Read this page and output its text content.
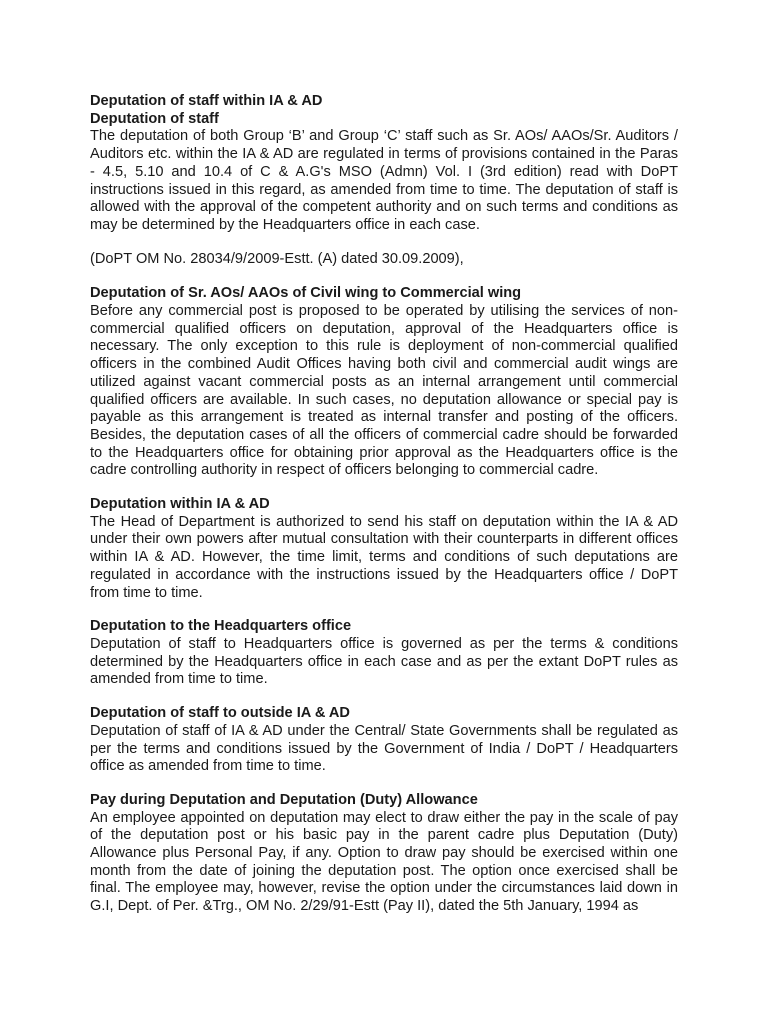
Deputation of staff within IA & AD

Deputation of staff

The deputation of both Group ‘B’ and Group ‘C’ staff such as Sr. AOs/ AAOs/Sr. Auditors / Auditors etc. within the IA & AD are regulated in terms of provisions contained in the Paras - 4.5, 5.10 and 10.4 of C & A.G's MSO (Admn) Vol. I (3rd edition) read with DoPT instructions issued in this regard, as amended from time to time. The deputation of staff is allowed with the approval of the competent authority and on such terms and conditions as may be determined by the Headquarters office in each case.

(DoPT OM No. 28034/9/2009-Estt. (A) dated 30.09.2009),

Deputation of Sr. AOs/ AAOs of Civil wing to Commercial wing

Before any commercial post is proposed to be operated by utilising the services of non-commercial qualified officers on deputation, approval of the Headquarters office is necessary. The only exception to this rule is deployment of non-commercial qualified officers in the combined Audit Offices having both civil and commercial audit wings are utilized against vacant commercial posts as an internal arrangement until commercial qualified officers are available. In such cases, no deputation allowance or special pay is payable as this arrangement is treated as internal transfer and posting of the officers. Besides, the deputation cases of all the officers of commercial cadre should be forwarded to the Headquarters office for obtaining prior approval as the Headquarters office is the cadre controlling authority in respect of officers belonging to commercial cadre.

Deputation within IA & AD

The Head of Department is authorized to send his staff on deputation within the IA & AD under their own powers after mutual consultation with their counterparts in different offices within IA & AD. However, the time limit, terms and conditions of such deputations are regulated in accordance with the instructions issued by the Headquarters office / DoPT from time to time.

Deputation to the Headquarters office

Deputation of staff to Headquarters office is governed as per the terms & conditions determined by the Headquarters office in each case and as per the extant DoPT rules as amended from time to time.

Deputation of staff to outside IA & AD

Deputation of staff of IA & AD under the Central/ State Governments shall be regulated as per the terms and conditions issued by the Government of India / DoPT / Headquarters office as amended from time to time.

Pay during Deputation and Deputation (Duty) Allowance

An employee appointed on deputation may elect to draw either the pay in the scale of pay of the deputation post or his basic pay in the parent cadre plus Deputation (Duty) Allowance plus Personal Pay, if any. Option to draw pay should be exercised within one month from the date of joining the deputation post. The option once exercised shall be final. The employee may, however, revise the option under the circumstances laid down in G.I, Dept. of Per. &Trg., OM No. 2/29/91-Estt (Pay II), dated the 5th January, 1994 as
